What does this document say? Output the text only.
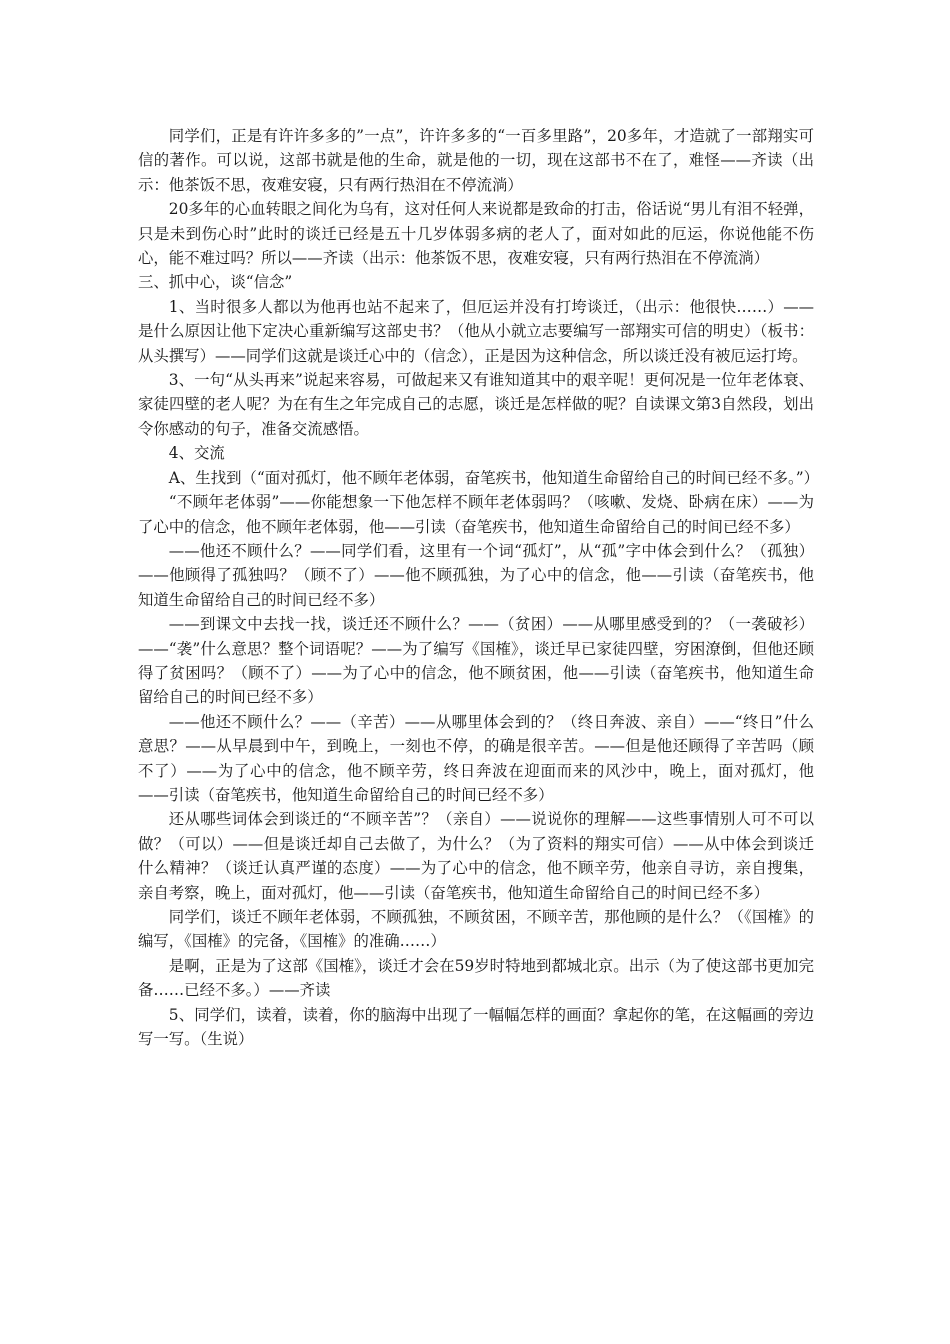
同学们，正是有许许多多的”一点”，许许多多的“一百多里路”，20多年，才造就了一部翔实可信的著作。可以说，这部书就是他的生命，就是他的一切，现在这部书不在了，难怪——齐读（出示：他茶饭不思，夜难安寝，只有两行热泪在不停流淌）

20多年的心血转眼之间化为乌有，这对任何人来说都是致命的打击，俗话说“男儿有泪不轻弹，只是未到伤心时”此时的谈迁已经是五十几岁体弱多病的老人了，面对如此的厄运，你说他能不伤心，能不难过吗？所以——齐读（出示：他茶饭不思，夜难安寝，只有两行热泪在不停流淌）

三、抓中心，谈“信念”

1、当时很多人都以为他再也站不起来了，但厄运并没有打垮谈迁，（出示：他很快……）——是什么原因让他下定决心重新编写这部史书？（他从小就立志要编写一部翔实可信的明史）（板书：从头撰写）——同学们这就是谈迁心中的（信念），正是因为这种信念，所以谈迁没有被厄运打垮。

3、一句“从头再来”说起来容易，可做起来又有谁知道其中的艰辛呢！更何况是一位年老体衰、家徒四壁的老人呢？为在有生之年完成自己的志愿，谈迁是怎样做的呢？自读课文第3自然段，划出令你感动的句子，准备交流感悟。

4、交流

A、生找到（“面对孤灯，他不顾年老体弱，奋笔疾书，他知道生命留给自己的时间已经不多。”）

“不顾年老体弱”——你能想象一下他怎样不顾年老体弱吗？（咳嗽、发烧、卧病在床）——为了心中的信念，他不顾年老体弱，他——引读（奋笔疾书，他知道生命留给自己的时间已经不多）

——他还不顾什么？——同学们看，这里有一个词“孤灯”，从“孤”字中体会到什么？（孤独）——他顾得了孤独吗？（顾不了）——他不顾孤独，为了心中的信念，他——引读（奋笔疾书，他知道生命留给自己的时间已经不多）

——到课文中去找一找，谈迁还不顾什么？——（贫困）——从哪里感受到的？（一袭破衫）——“袭”什么意思？整个词语呢？——为了编写《国榷》，谈迁早已家徒四壁，穷困潦倒，但他还顾得了贫困吗？（顾不了）——为了心中的信念，他不顾贫困，他——引读（奋笔疾书，他知道生命留给自己的时间已经不多）

——他还不顾什么？——（辛苦）——从哪里体会到的？（终日奔波、亲自）——“终日”什么意思？——从早晨到中午，到晚上，一刻也不停，的确是很辛苦。——但是他还顾得了辛苦吗（顾不了）——为了心中的信念，他不顾辛劳，终日奔波在迎面而来的风沙中，晚上，面对孤灯，他——引读（奋笔疾书，他知道生命留给自己的时间已经不多）

还从哪些词体会到谈迁的“不顾辛苦”？（亲自）——说说你的理解——这些事情别人可不可以做？（可以）——但是谈迁却自己去做了，为什么？（为了资料的翔实可信）——从中体会到谈迁什么精神？（谈迁认真严谨的态度）——为了心中的信念，他不顾辛劳，他亲自寻访，亲自搜集，亲自考察，晚上，面对孤灯，他——引读（奋笔疾书，他知道生命留给自己的时间已经不多）

同学们，谈迁不顾年老体弱，不顾孤独，不顾贫困，不顾辛苦，那他顾的是什么？（《国榷》的编写，《国榷》的完备，《国榷》的准确……）

是啊，正是为了这部《国榷》，谈迁才会在59岁时特地到都城北京。出示（为了使这部书更加完备……已经不多。）——齐读

5、同学们，读着，读着，你的脑海中出现了一幅幅怎样的画面？拿起你的笔，在这幅画的旁边写一写。（生说）
